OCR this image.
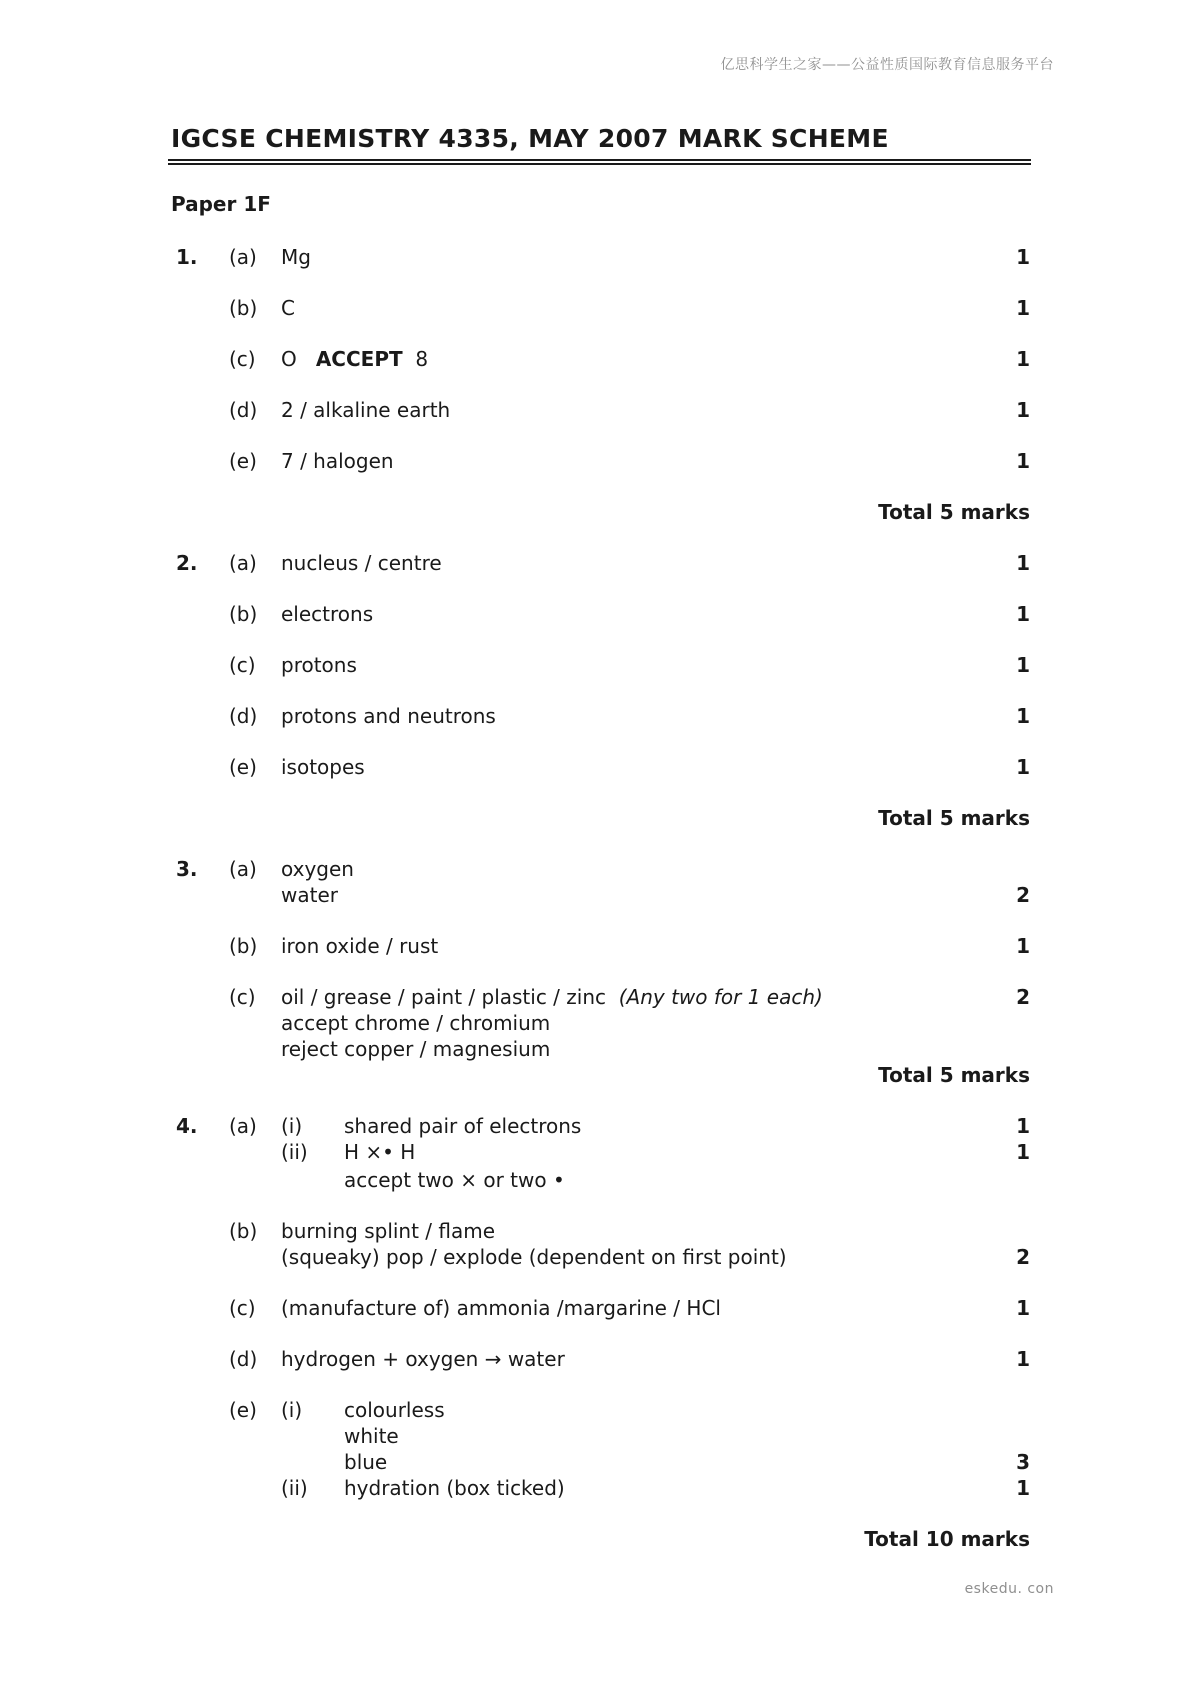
亿思科学生之家——公益性质国际教育信息服务平台
IGCSE CHEMISTRY 4335, MAY 2007 MARK SCHEME
Paper 1F
1. (a) Mg	1
(b) C	1
(c) O ACCEPT 8	1
(d) 2 / alkaline earth	1
(e) 7 / halogen	1
Total 5 marks
2. (a) nucleus / centre	1
(b) electrons	1
(c) protons	1
(d) protons and neutrons	1
(e) isotopes	1
Total 5 marks
3. (a) oxygen
water	2
(b) iron oxide / rust	1
(c) oil / grease / paint / plastic / zinc (Any two for 1 each)
accept chrome / chromium
reject copper / magnesium
2
Total 5 marks
4. (a) (i) shared pair of electrons	1
(ii) H ×• H	1
accept two × or two •
(b) burning splint / flame
(squeaky) pop / explode (dependent on first point)	2
(c) (manufacture of) ammonia /margarine / HCl	1
(d) hydrogen + oxygen → water	1
(e) (i) colourless
white
blue	3
(ii) hydration (box ticked)	1
Total 10 marks
eskedu. con
